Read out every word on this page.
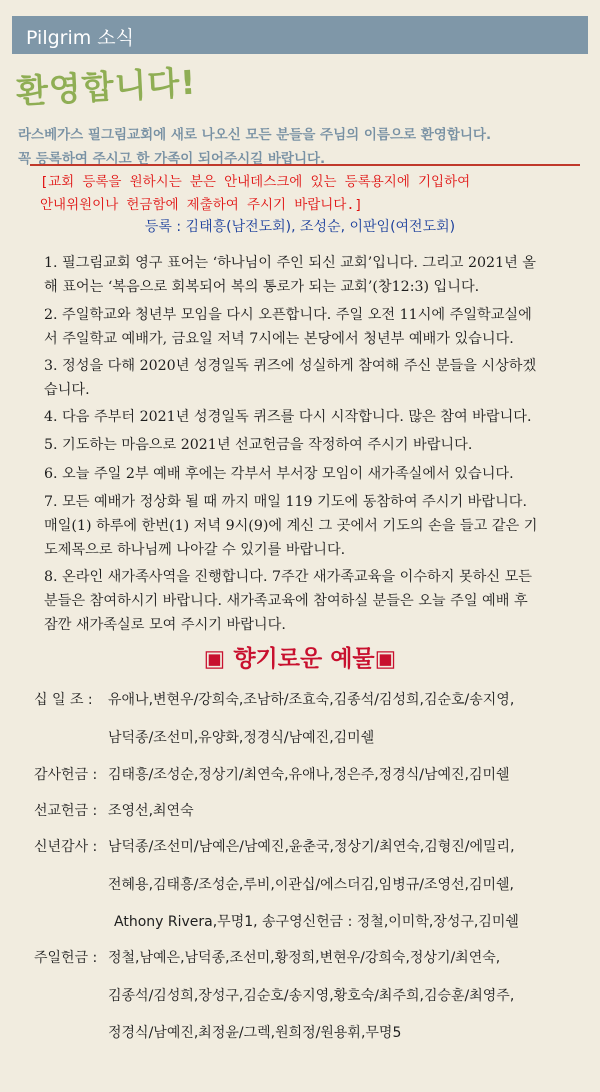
Pilgrim 소식
환영합니다!
라스베가스 필그림교회에 새로 나오신 모든 분들을 주님의 이름으로 환영합니다.
꼭 등록하여 주시고 한 가족이 되어주시길 바랍니다.
[교회 등록을 원하시는 분은 안내데스크에 있는 등록용지에 기입하여
안내위원이나 헌금함에 제출하여 주시기 바랍니다.]
등록 : 김태흥(남전도회), 조성순, 이판임(여전도회)
1. 필그림교회 영구 표어는 ‘하나님이 주인 되신 교회’입니다. 그리고 2021년 올
해 표어는 ‘복음으로 회복되어 복의 통로가 되는 교회’(창12:3) 입니다.
2. 주일학교와 청년부 모임을 다시 오픈합니다. 주일 오전 11시에 주일학교실에
서 주일학교 예배가, 금요일 저녁 7시에는 본당에서 청년부 예배가 있습니다.
3. 정성을 다해 2020년 성경일독 퀴즈에 성실하게 참여해 주신 분들을 시상하겠
습니다.
4. 다음 주부터 2021년 성경일독 퀴즈를 다시 시작합니다. 많은 참여 바랍니다.
5. 기도하는 마음으로 2021년 선교헌금을 작정하여 주시기 바랍니다.
6. 오늘 주일 2부 예배 후에는 각부서 부서장 모임이 새가족실에서 있습니다.
7. 모든 예배가 정상화 될 때 까지 매일 119 기도에 동참하여 주시기 바랍니다.
매일(1) 하루에 한번(1) 저녁 9시(9)에 계신 그 곳에서 기도의 손을 들고 같은 기
도제목으로 하나님께 나아갈 수 있기를 바랍니다.
8. 온라인 새가족사역을 진행합니다. 7주간 새가족교육을 이수하지 못하신 모든
분들은 참여하시기 바랍니다. 새가족교육에 참여하실 분들은 오늘 주일 예배 후
잠깐 새가족실로 모여 주시기 바랍니다.
▣ 향기로운 예물▣
십 일 조 : 유애나,변현우/강희숙,조남하/조효숙,김종석/김성희,김순호/송지영,
남덕종/조선미,유양화,정경식/남예진,김미쉘
감사헌금 : 김태흥/조성순,정상기/최연숙,유애나,정은주,정경식/남예진,김미쉘
선교헌금 : 조영선,최연숙
신년감사 : 남덕종/조선미/남예은/남예진,윤춘국,정상기/최연숙,김형진/에밀리,
전혜용,김태흥/조성순,루비,이관십/에스더김,임병규/조영선,김미쉘,
Athony Rivera,무명1, 송구영신헌금 : 정철,이미학,장성구,김미쉘
주일헌금 : 정철,남예은,남덕종,조선미,황정희,변현우/강희숙,정상기/최연숙,
김종석/김성희,장성구,김순호/송지영,황호숙/최주희,김승훈/최영주,
정경식/남예진,최정윤/그렉,원희정/원용휘,무명5
